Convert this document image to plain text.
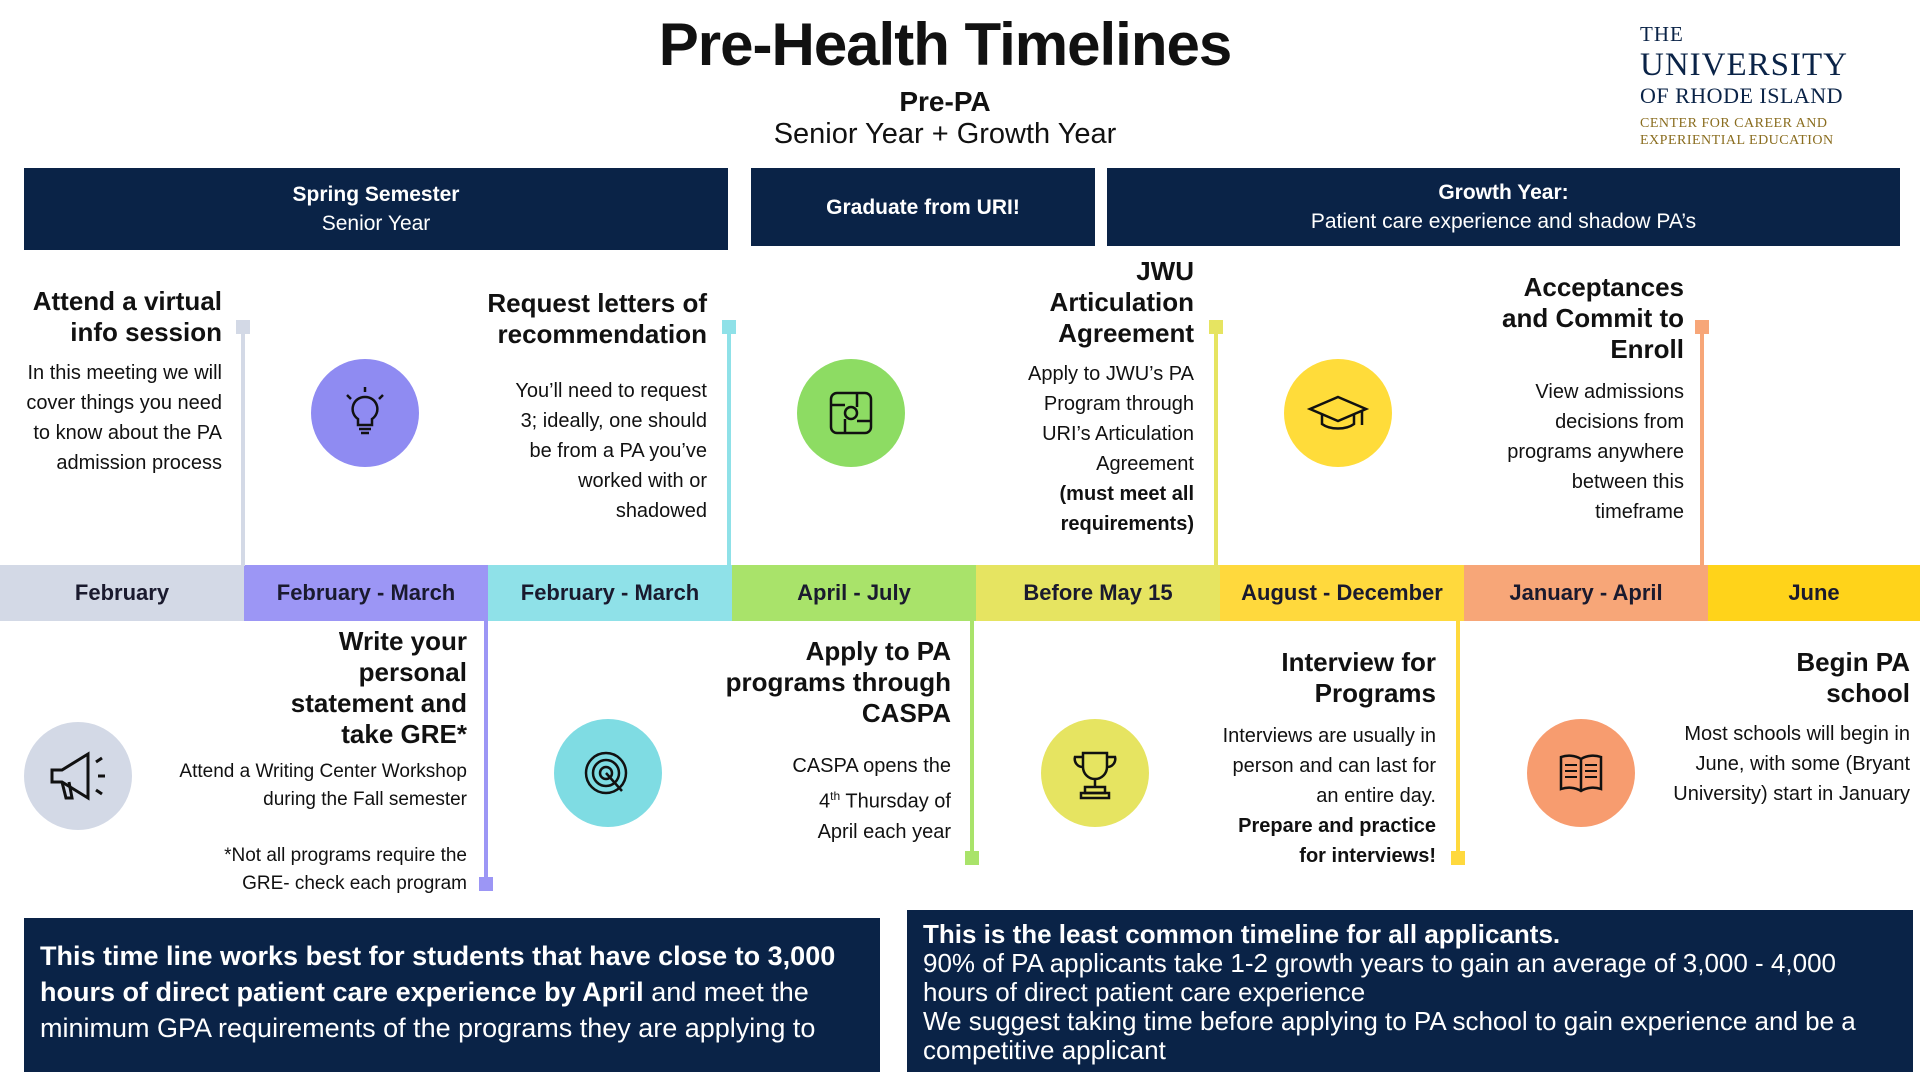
Pre-Health Timelines
Pre-PA
Senior Year + Growth Year
THE
UNIVERSITY
OF RHODE ISLAND
CENTER FOR CAREER AND
EXPERIENTIAL EDUCATION
Spring Semester
Senior Year
Graduate from URI!
Growth Year:
Patient care experience and shadow PA’s
February	February - March	February - March	April - July	Before May 15	August - December	January - April	June
Attend a virtual info session
In this meeting we will cover things you need to know about the PA admission process
Request letters of recommendation
You’ll need to request 3; ideally, one should be from a PA you’ve worked with or shadowed
JWU Articulation Agreement
Apply to JWU’s PA Program through URI’s Articulation Agreement
(must meet all requirements)
Acceptances and Commit to Enroll
View admissions decisions from programs anywhere between this timeframe
Write your personal statement and take GRE*
Attend a Writing Center Workshop during the Fall semester
*Not all programs require the GRE- check each program
Apply to PA programs through CASPA
CASPA opens the
4th Thursday of
April each year
Interview for Programs
Interviews are usually in person and can last for an entire day.
Prepare and practice for interviews!
Begin PA school
Most schools will begin in June, with some (Bryant University) start in January
This time line works best for students that have close to 3,000 hours of direct patient care experience by April and meet the minimum GPA requirements of the programs they are applying to
This is the least common timeline for all applicants.
90% of PA applicants take 1-2 growth years to gain an average of 3,000 - 4,000 hours of direct patient care experience
We suggest taking time before applying to PA school to gain experience and be a competitive applicant
